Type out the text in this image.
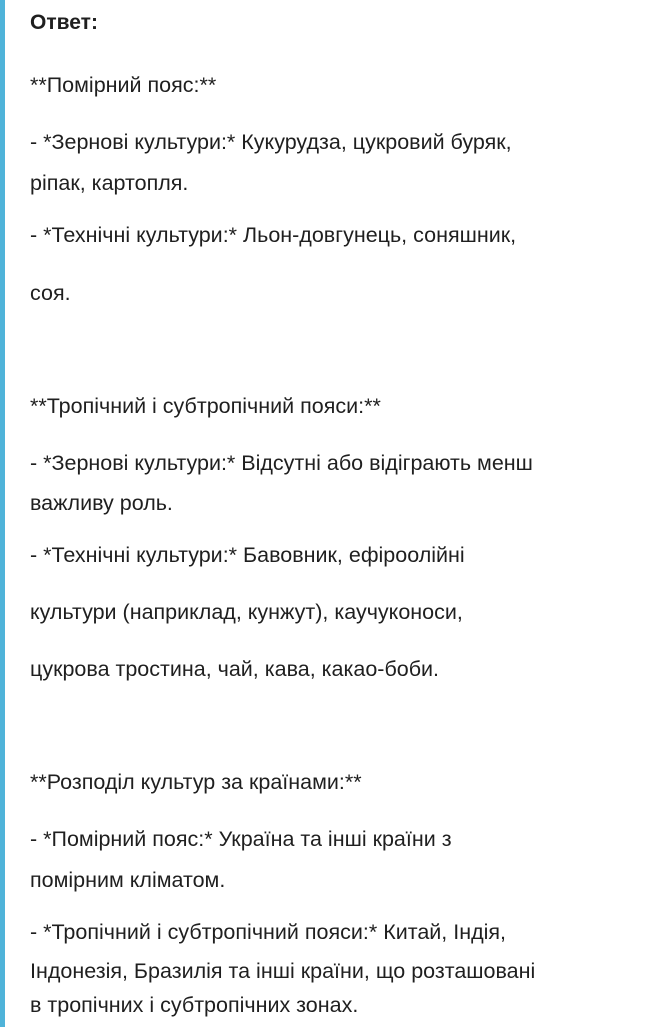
Ответ:
**Помірний пояс:**
- *Зернові культури:* Кукурудза, цукровий буряк,
ріпак, картопля.
- *Технічні культури:* Льон-довгунець, соняшник,
соя.
**Тропічний і субтропічний пояси:**
- *Зернові культури:* Відсутні або відіграють менш
важливу роль.
- *Технічні культури:* Бавовник, ефіроолійні
культури (наприклад, кунжут), каучуконоси,
цукрова тростина, чай, кава, какао-боби.
**Розподіл культур за країнами:**
- *Помірний пояс:* Україна та інші країни з
помірним кліматом.
- *Тропічний і субтропічний пояси:* Китай, Індія,
Індонезія, Бразилія та інші країни, що розташовані
в тропічних і субтропічних зонах.
